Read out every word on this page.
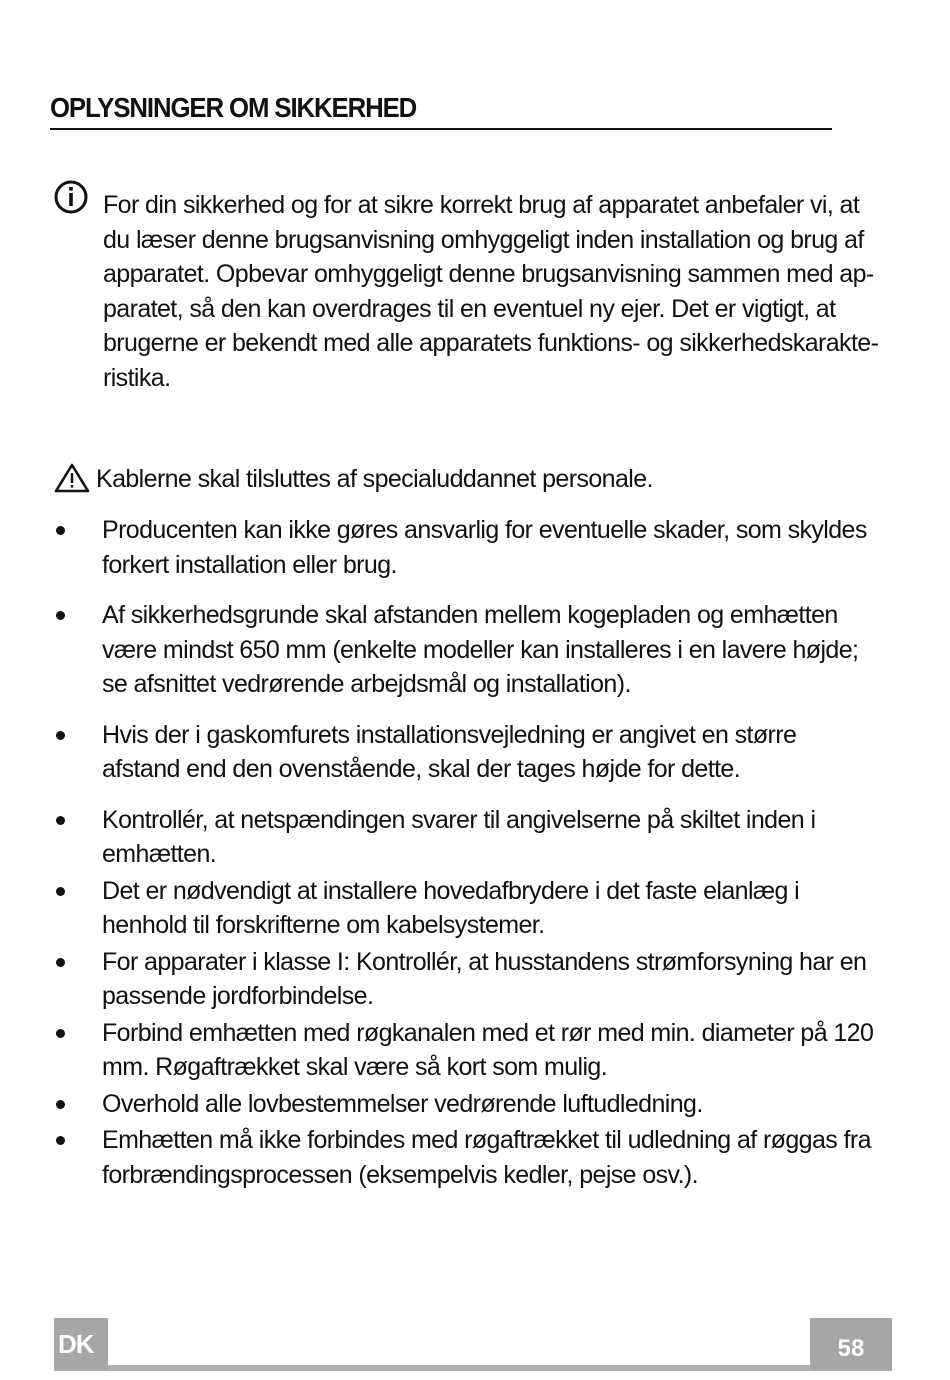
OPLYSNINGER OM SIKKERHED
For din sikkerhed og for at sikre korrekt brug af apparatet anbefaler vi, at
du læser denne brugsanvisning omhyggeligt inden installation og brug af
apparatet. Opbevar omhyggeligt denne brugsanvisning sammen med ap-
paratet, så den kan overdrages til en eventuel ny ejer. Det er vigtigt, at
brugerne er bekendt med alle apparatets funktions- og sikkerhedskarakte-
ristika.
Kablerne skal tilsluttes af specialuddannet personale.
Producenten kan ikke gøres ansvarlig for eventuelle skader, som skyldes
forkert installation eller brug.
Af sikkerhedsgrunde skal afstanden mellem kogepladen og emhætten
være mindst 650 mm (enkelte modeller kan installeres i en lavere højde;
se afsnittet vedrørende arbejdsmål og installation).
Hvis der i gaskomfurets installationsvejledning er angivet en større
afstand end den ovenstående, skal der tages højde for dette.
Kontrollér, at netspændingen svarer til angivelserne på skiltet inden i
emhætten.
Det er nødvendigt at installere hovedafbrydere i det faste elanlæg i
henhold til forskrifterne om kabelsystemer.
For apparater i klasse I: Kontrollér, at husstandens strømforsyning har en
passende jordforbindelse.
Forbind emhætten med røgkanalen med et rør med min. diameter på 120
mm. Røgaftrækket skal være så kort som mulig.
Overhold alle lovbestemmelser vedrørende luftudledning.
Emhætten må ikke forbindes med røgaftrækket til udledning af røggas fra
forbrændingsprocessen (eksempelvis kedler, pejse osv.).
DK	58
